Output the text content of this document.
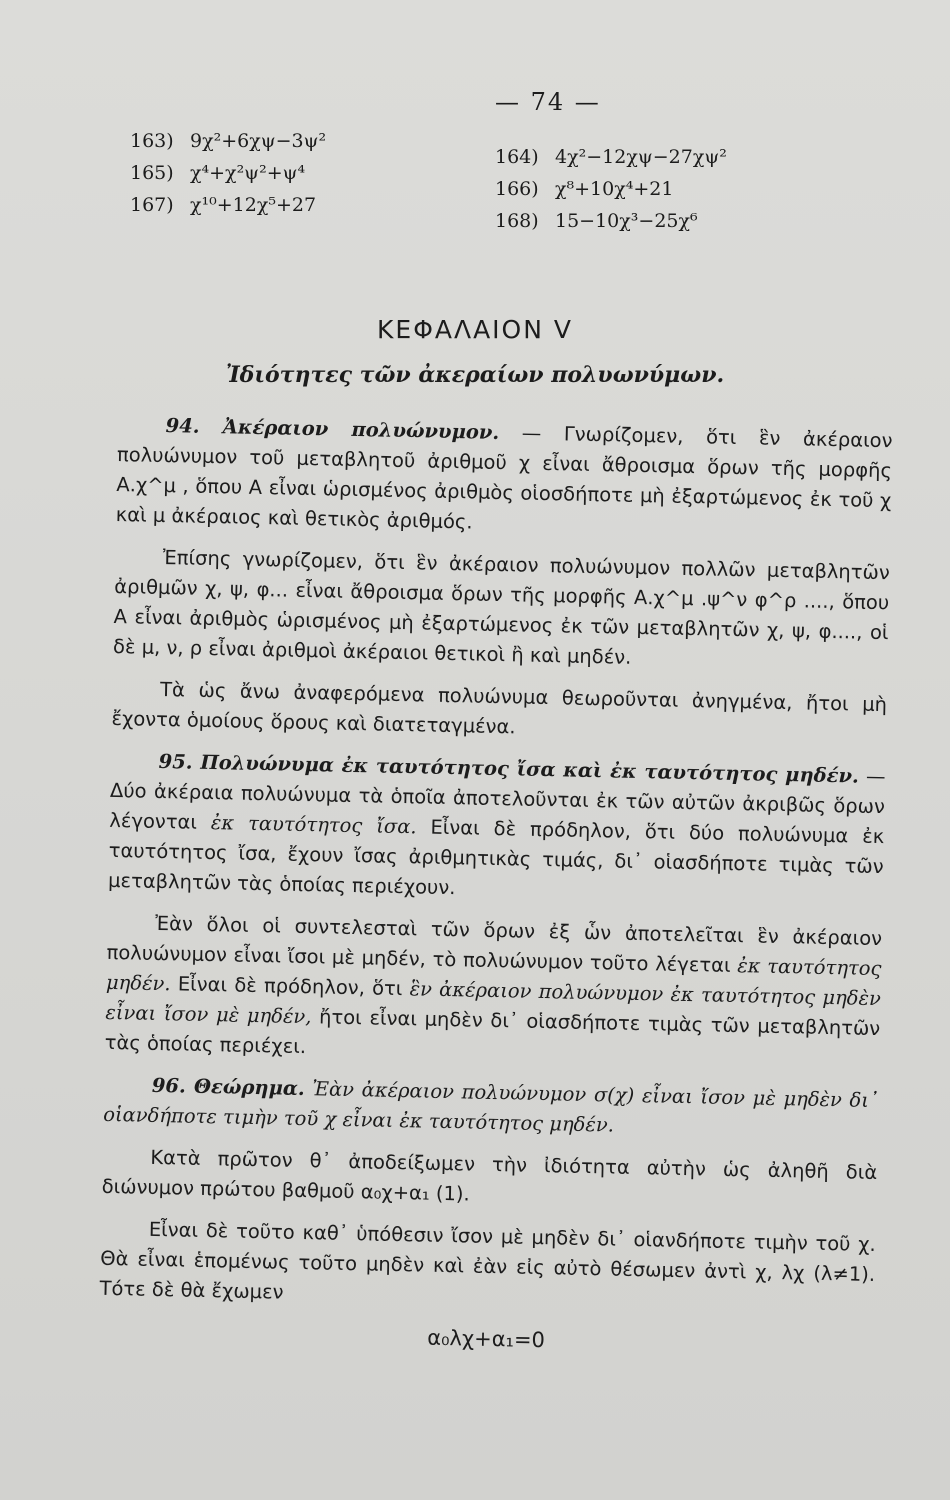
— 74 —
163) 9χ²+6χψ−3ψ²
165) χ⁴+χ²ψ²+ψ⁴
167) χ¹⁰+12χ⁵+27
164) 4χ²−12χψ−27χψ²
166) χ⁸+10χ⁴+21
168) 15−10χ³−25χ⁶
ΚΕΦΑΛΑΙΟΝ V
Ἰδιότητες τῶν ἀκεραίων πολυωνύμων.

94. Ἀκέραιον πολυώνυμον. — Γνωρίζομεν, ὅτι ἓν ἀκέραιον πολυώνυμον τοῦ μεταβλητοῦ ἀριθμοῦ χ εἶναι ἄθροισμα ὅρων τῆς μορφῆς Α.χ^μ , ὅπου Α εἶναι ὡρισμένος ἀριθμὸς οἱοσδήποτε μὴ ἐξαρτώμενος ἐκ τοῦ χ καὶ μ ἀκέραιος καὶ θετικὸς ἀριθμός.

Ἐπίσης γνωρίζομεν, ὅτι ἓν ἀκέραιον πολυώνυμον πολλῶν μεταβλητῶν ἀριθμῶν χ, ψ, φ... εἶναι ἄθροισμα ὅρων τῆς μορφῆς Α.χ^μ .ψ^ν φ^ρ ...., ὅπου Α εἶναι ἀριθμὸς ὡρισμένος μὴ ἐξαρτώμενος ἐκ τῶν μεταβλητῶν χ, ψ, φ...., οἱ δὲ μ, ν, ρ εἶναι ἀριθμοὶ ἀκέραιοι θετικοὶ ἢ καὶ μηδέν.

Τὰ ὡς ἄνω ἀναφερόμενα πολυώνυμα θεωροῦνται ἀνηγμένα, ἤτοι μὴ ἔχοντα ὁμοίους ὅρους καὶ διατεταγμένα.

95. Πολυώνυμα ἐκ ταυτότητος ἴσα καὶ ἐκ ταυτότητος μηδέν. — Δύο ἀκέραια πολυώνυμα τὰ ὁποῖα ἀποτελοῦνται ἐκ τῶν αὐτῶν ἀκριβῶς ὅρων λέγονται ἐκ ταυτότητος ἴσα. Εἶναι δὲ πρόδηλον, ὅτι δύο πολυώνυμα ἐκ ταυτότητος ἴσα, ἔχουν ἴσας ἀριθμητικὰς τιμάς, δι᾽ οἱασδήποτε τιμὰς τῶν μεταβλητῶν τὰς ὁποίας περιέχουν.

Ἐὰν ὅλοι οἱ συντελεσταὶ τῶν ὅρων ἐξ ὧν ἀποτελεῖται ἓν ἀκέραιον πολυώνυμον εἶναι ἴσοι μὲ μηδέν, τὸ πολυώνυμον τοῦτο λέγεται ἐκ ταυτότητος μηδέν. Εἶναι δὲ πρόδηλον, ὅτι ἓν ἀκέραιον πολυώνυμον ἐκ ταυτότητος μηδὲν εἶναι ἴσον μὲ μηδέν, ἤτοι εἶναι μηδὲν δι᾽ οἱασδήποτε τιμὰς τῶν μεταβλητῶν τὰς ὁποίας περιέχει.

96. Θεώρημα. Ἐὰν ἀκέραιον πολυώνυμον σ(χ) εἶναι ἴσον μὲ μηδὲν δι᾽ οἱανδήποτε τιμὴν τοῦ χ εἶναι ἐκ ταυτότητος μηδέν.

Κατὰ πρῶτον θ᾽ ἀποδείξωμεν τὴν ἰδιότητα αὐτὴν ὡς ἀληθῆ διὰ διώνυμον πρώτου βαθμοῦ α₀χ+α₁ (1).

Εἶναι δὲ τοῦτο καθ᾽ ὑπόθεσιν ἴσον μὲ μηδὲν δι᾽ οἱανδήποτε τιμὴν τοῦ χ. Θὰ εἶναι ἑπομένως τοῦτο μηδὲν καὶ ἐὰν εἰς αὐτὸ θέσωμεν ἀντὶ χ, λχ (λ≠1). Τότε δὲ θὰ ἔχωμεν

α₀λχ+α₁=0
